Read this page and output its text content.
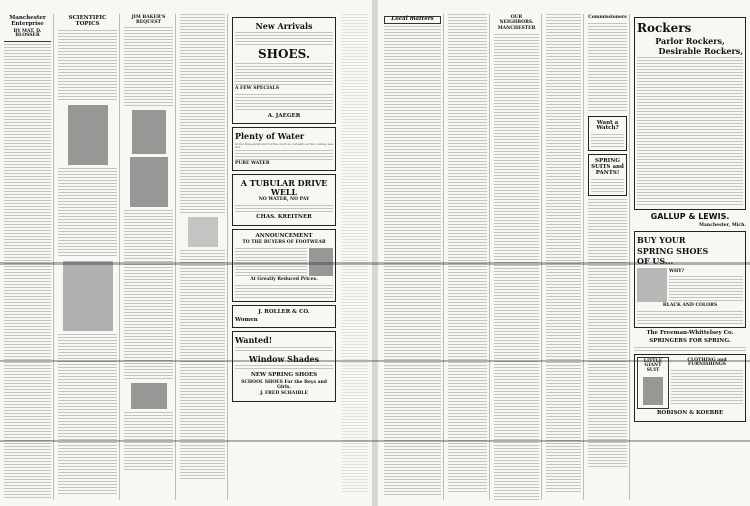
Manchester Enterprise
BY MAT. D. BLOSSER
SCIENTIFIC TOPICS
JIM BAKER'S REQUEST	New Arrivals
SHOES.
A FEW SPECIALS
A. JAEGER
Plenty of Water
in the household and for the stock is certainly at the coming season
PURE WATER
A TUBULAR DRIVE WELL
NO WATER, NO PAY
CHAS. KREITNER
ANNOUNCEMENT
TO THE BUYERS OF FOOTWEAR
At Greatly Reduced Prices.
J. ROLLER & CO.
Women
Wanted!
Window Shades
NEW SPRING SHOES
SCHOOL SHOES For the Boys and Girls.
J. FRED SCHAIBLE
Local matters	OUR NEIGHBORS.
MANCHESTER
Commissioners
Want a Watch?
SPRING SUITS and PANTS!
Rockers
Parlor Rockers,
Desirable Rockers,
GALLUP & LEWIS.
Manchester, Mich.
BUY YOUR
SPRING SHOES
OF US...
WHY?
BLACK AND COLORS
The Freeman-Whittelsey Co.
SPRINGERS FOR SPRING.
LITTLE GIANT SUIT
CLOTHING and FURNISHINGS
ROBISON & KOEBBE
